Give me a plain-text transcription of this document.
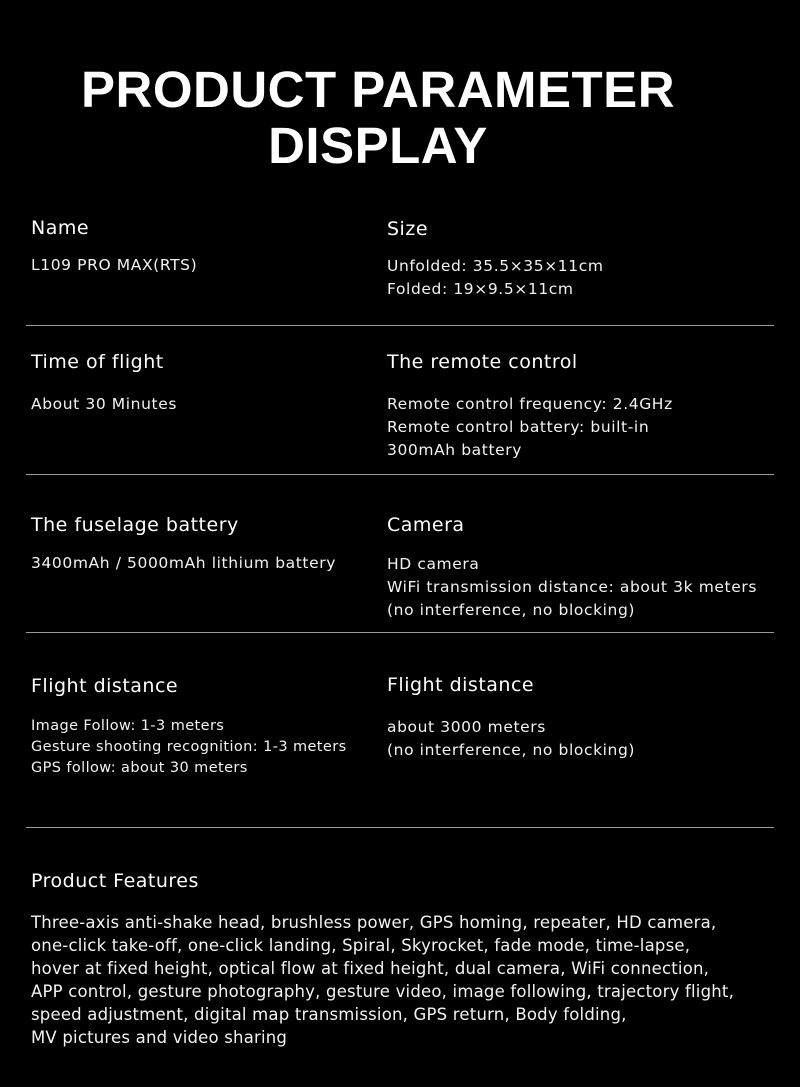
PRODUCT PARAMETER
DISPLAY
Name
L109 PRO MAX(RTS)
Size
Unfolded: 35.5×35×11cm
Folded: 19×9.5×11cm
Time of flight
About 30 Minutes
The remote control
Remote control frequency: 2.4GHz
Remote control battery: built-in
300mAh battery
The fuselage battery
3400mAh / 5000mAh lithium battery
Camera
HD camera
WiFi transmission distance: about 3k meters
(no interference, no blocking)
Flight distance
Image Follow: 1-3 meters
Gesture shooting recognition: 1-3 meters
GPS follow: about 30 meters
Flight distance
about 3000 meters
(no interference, no blocking)
Product Features
Three-axis anti-shake head, brushless power, GPS homing, repeater, HD camera,
one-click take-off, one-click landing, Spiral, Skyrocket, fade mode, time-lapse,
hover at fixed height, optical flow at fixed height, dual camera, WiFi connection,
APP control, gesture photography, gesture video, image following, trajectory flight,
speed adjustment, digital map transmission, GPS return, Body folding,
MV pictures and video sharing
